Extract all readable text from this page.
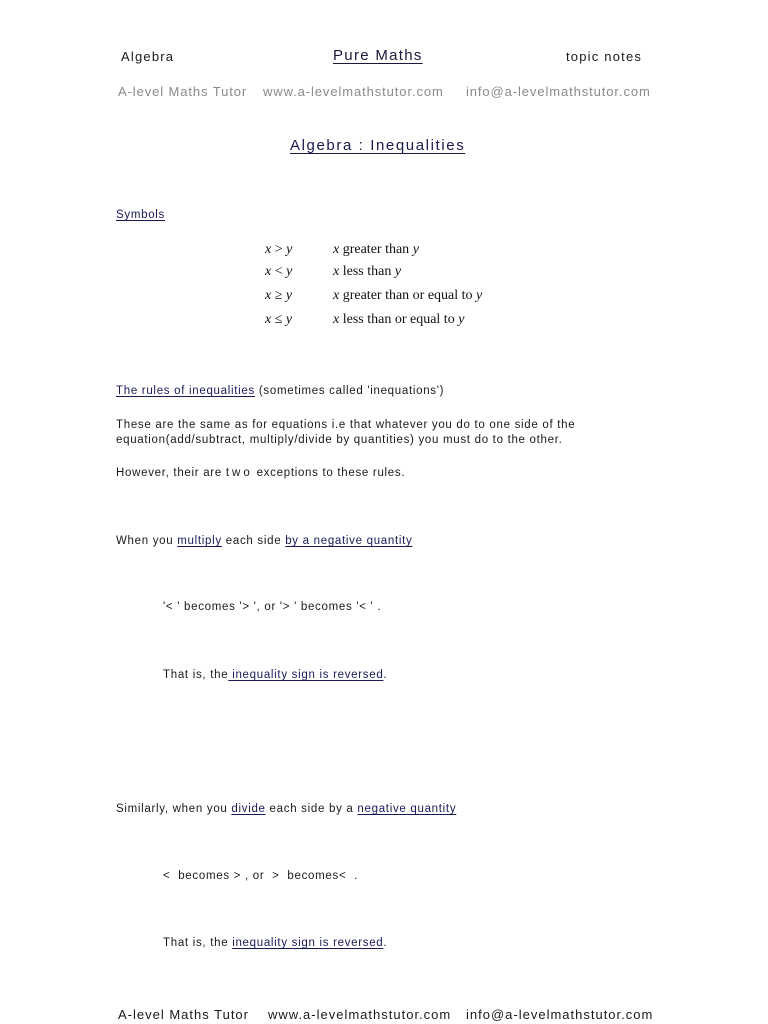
Algebra	Pure Maths	topic notes
A-level Maths Tutor www.a-levelmathstutor.com info@a-levelmathstutor.com
Algebra : Inequalities
Symbols
x > y	x greater than y
x < y	x less than y
x ≥ y	x greater than or equal to y
x ≤ y	x less than or equal to y
The rules of inequalities (sometimes called 'inequations')
These are the same as for equations i.e that whatever you do to one side of the equation(add/subtract, multiply/divide by quantities) you must do to the other.
However, their are two exceptions to these rules.
When you multiply each side by a negative quantity
'< ' becomes '> ', or '> ' becomes '< ' .
That is, the inequality sign is reversed.
Similarly, when you divide each side by a negative quantity
<  becomes > , or  >  becomes<  .
That is, the inequality sign is reversed.
A-level Maths Tutor www.a-levelmathstutor.com info@a-levelmathstutor.com
